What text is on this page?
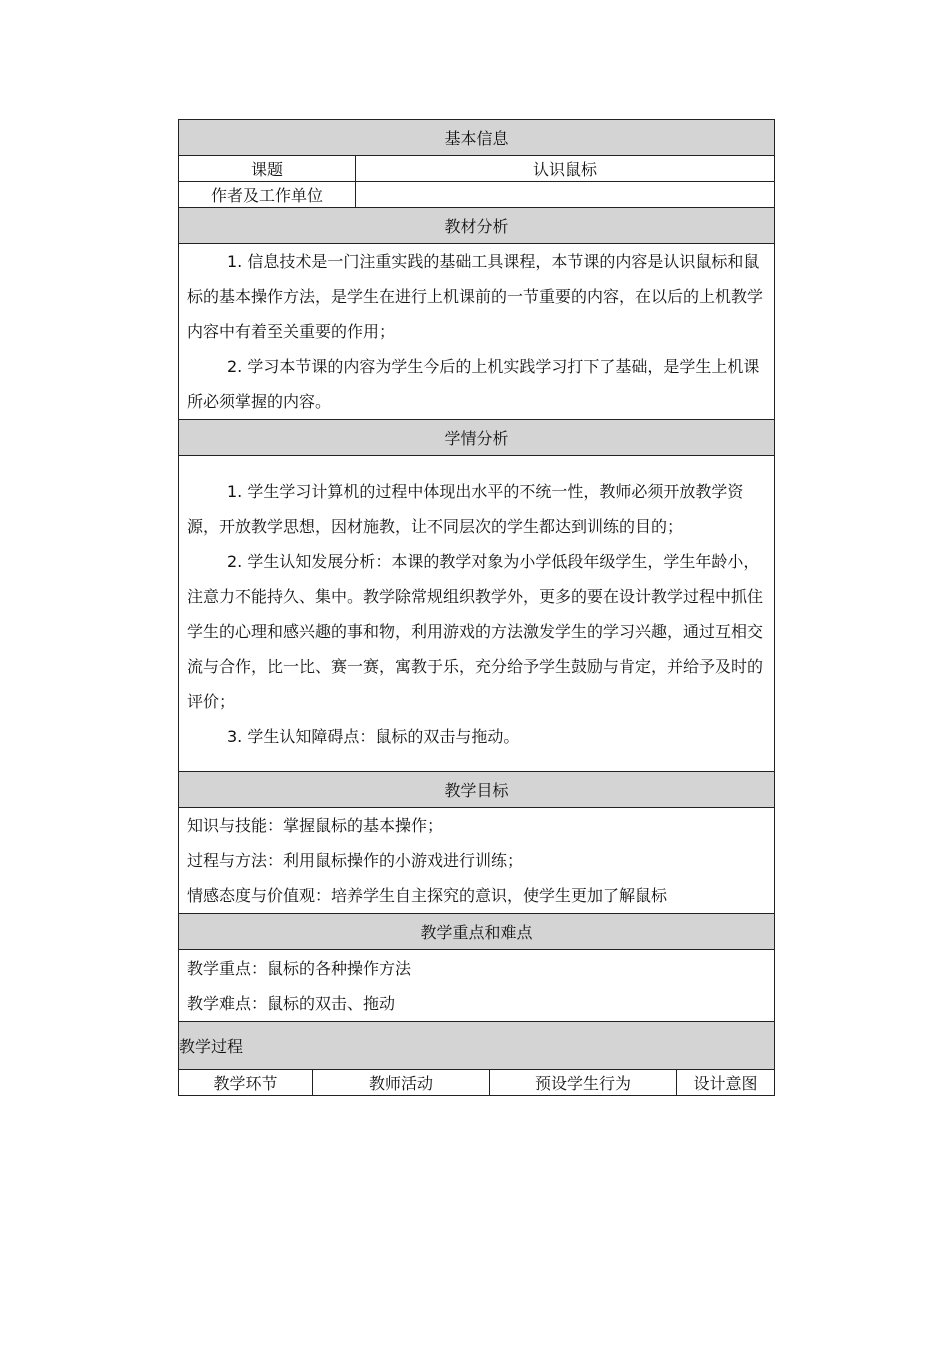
基本信息				
课题		认识鼠标		
作者及工作单位				
教材分析				

1. 信息技术是一门注重实践的基础工具课程，本节课的内容是认识鼠标和鼠标的基本操作方法，是学生在进行上机课前的一节重要的内容，在以后的上机教学内容中有着至关重要的作用；

2. 学习本节课的内容为学生今后的上机实践学习打下了基础，是学生上机课所必须掌握的内容。				

学情分析				

1. 学生学习计算机的过程中体现出水平的不统一性，教师必须开放教学资源，开放教学思想，因材施教，让不同层次的学生都达到训练的目的；

2. 学生认知发展分析：本课的教学对象为小学低段年级学生，学生年龄小，注意力不能持久、集中。教学除常规组织教学外，更多的要在设计教学过程中抓住学生的心理和感兴趣的事和物，利用游戏的方法激发学生的学习兴趣，通过互相交流与合作，比一比、赛一赛，寓教于乐，充分给予学生鼓励与肯定，并给予及时的评价；

3. 学生认知障碍点：鼠标的双击与拖动。				

教学目标				

知识与技能：掌握鼠标的基本操作；

过程与方法：利用鼠标操作的小游戏进行训练；

情感态度与价值观：培养学生自主探究的意识，使学生更加了解鼠标				

教学重点和难点				

教学重点：鼠标的各种操作方法

教学难点：鼠标的双击、拖动				

教学过程				
教学环节	教师活动		预设学生行为	设计意图
